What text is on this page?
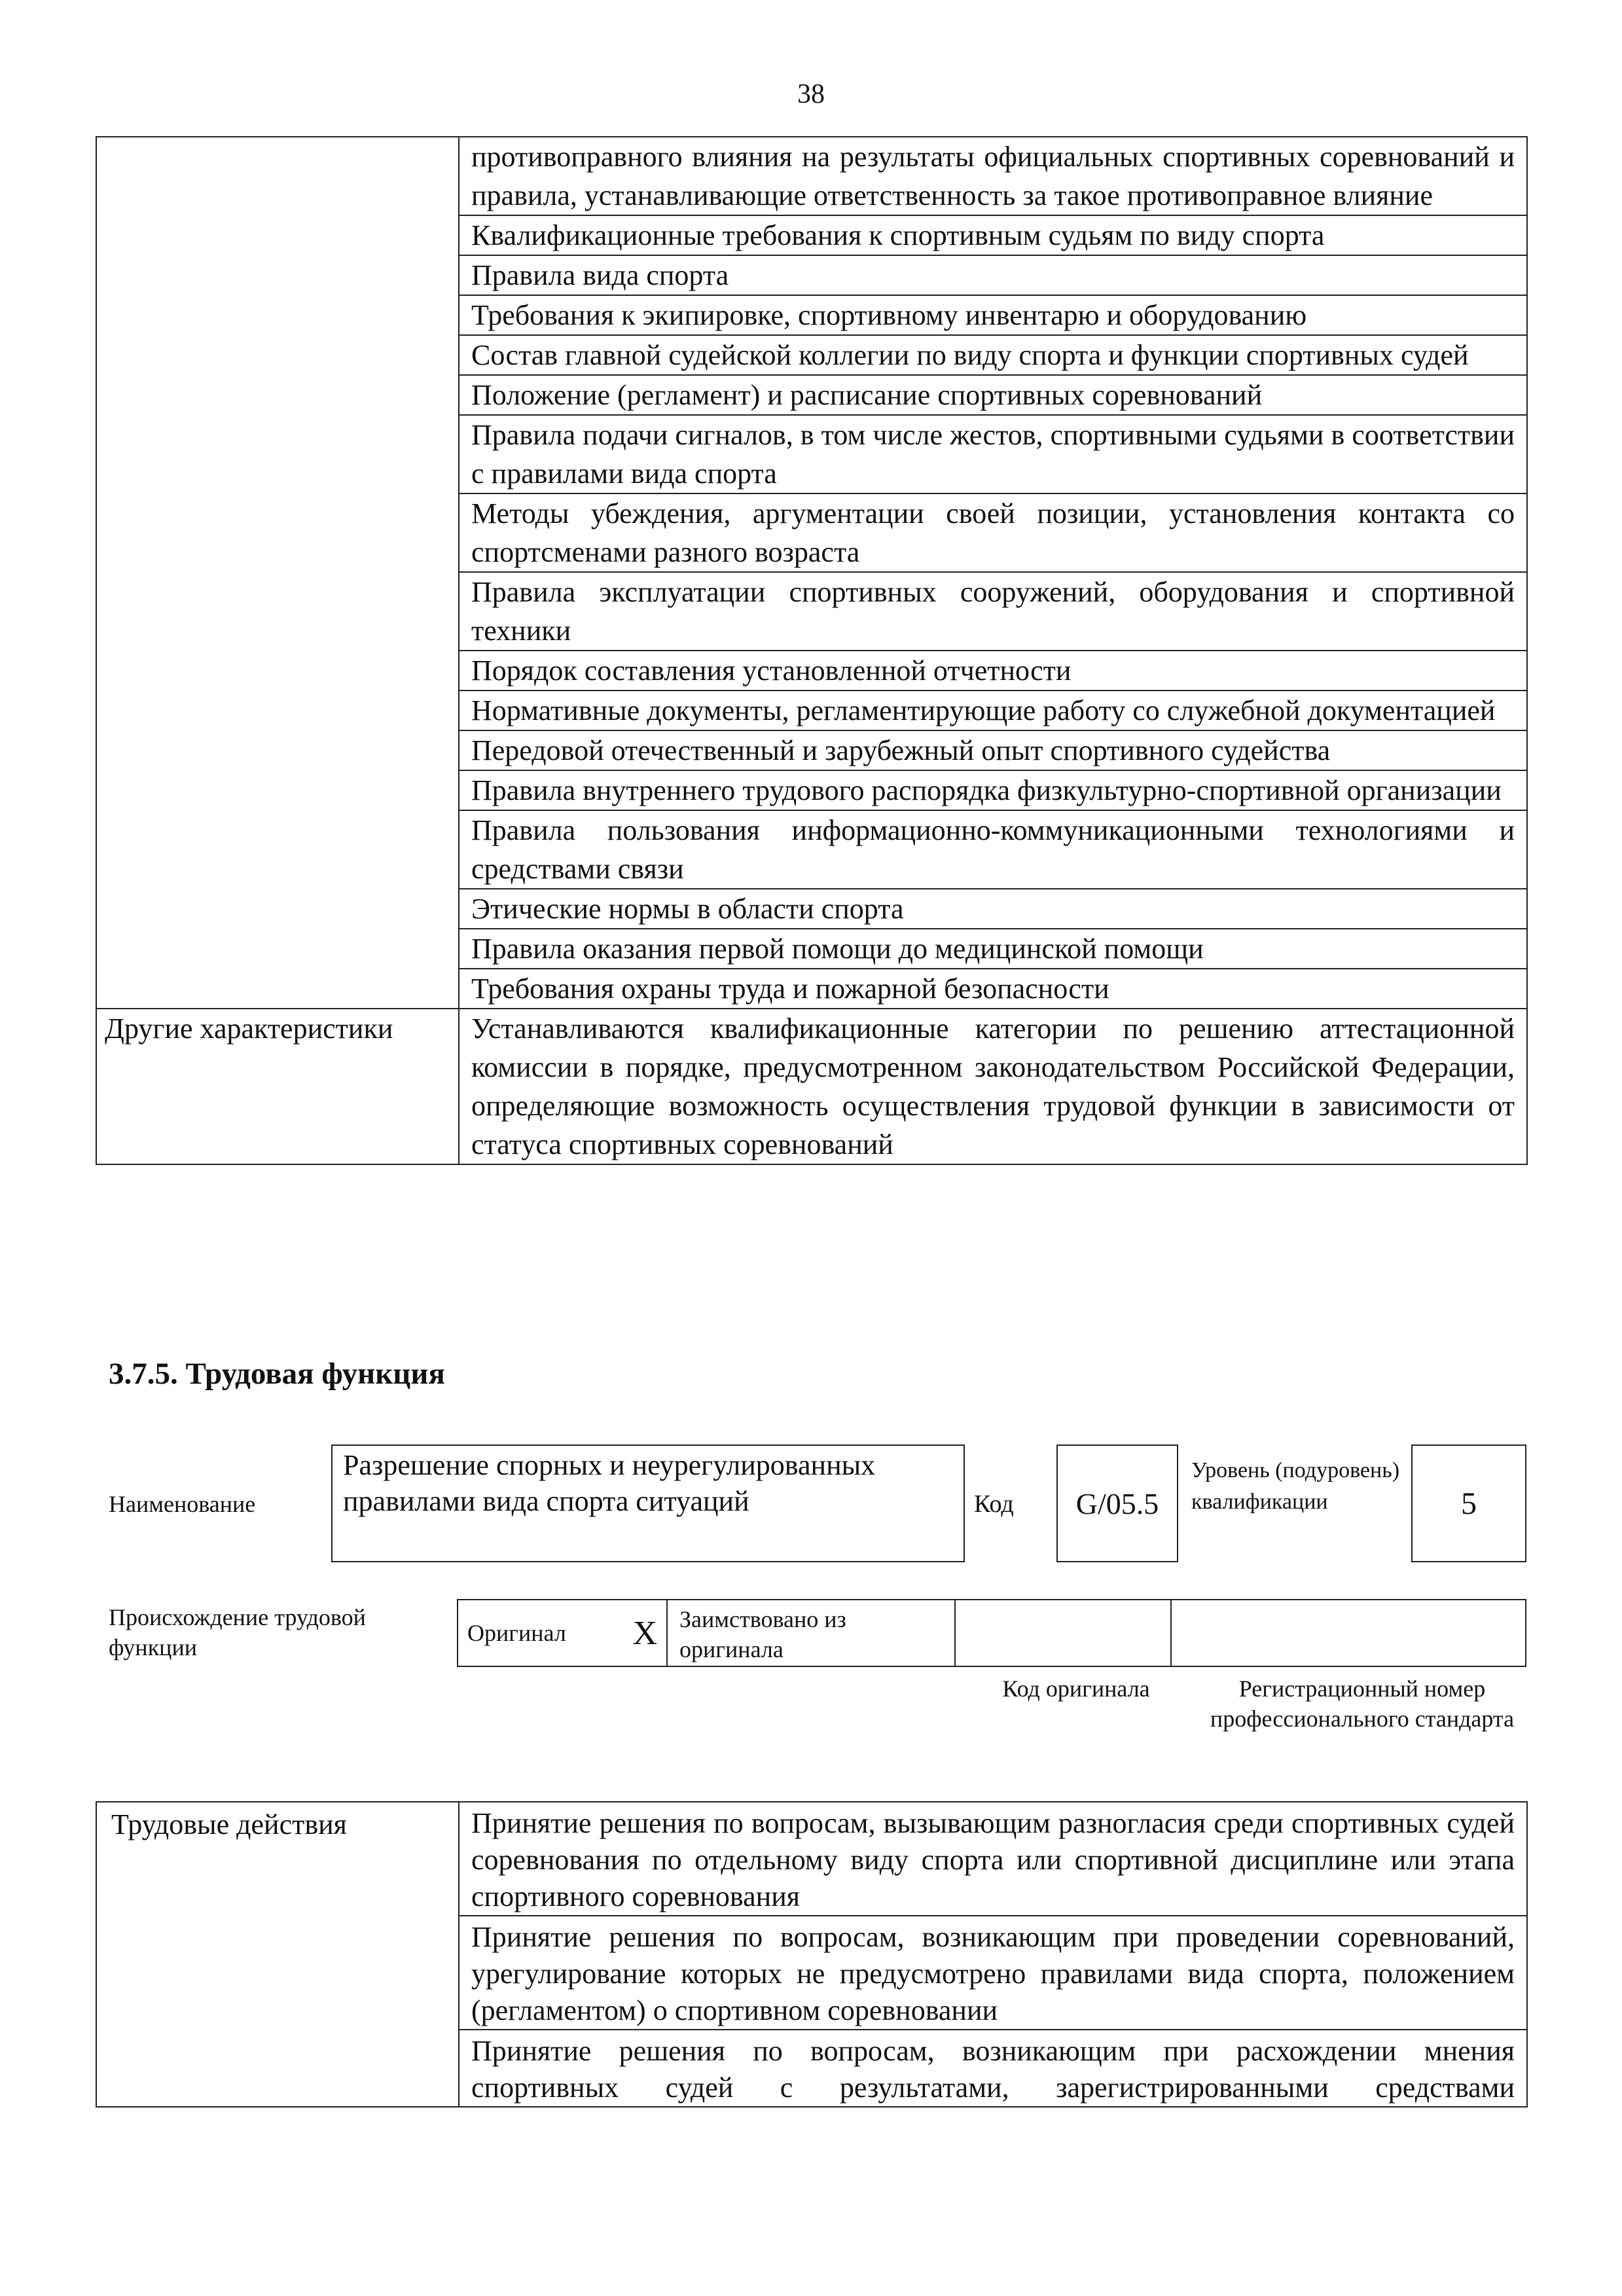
38
	противоправного влияния на результаты официальных спортивных соревнований и правила, устанавливающие ответственность за такое противоправное влияние
	Квалификационные требования к спортивным судьям по виду спорта
	Правила вида спорта
	Требования к экипировке, спортивному инвентарю и оборудованию
	Состав главной судейской коллегии по виду спорта и функции спортивных судей
	Положение (регламент) и расписание спортивных соревнований
	Правила подачи сигналов, в том числе жестов, спортивными судьями в соответствии с правилами вида спорта
	Методы убеждения, аргументации своей позиции, установления контакта со спортсменами разного возраста
	Правила эксплуатации спортивных сооружений, оборудования и спортивной техники
	Порядок составления установленной отчетности
	Нормативные документы, регламентирующие работу со служебной документацией
	Передовой отечественный и зарубежный опыт спортивного судейства
	Правила внутреннего трудового распорядка физкультурно-спортивной организации
	Правила пользования информационно-коммуникационными технологиями и средствами связи
	Этические нормы в области спорта
	Правила оказания первой помощи до медицинской помощи
	Требования охраны труда и пожарной безопасности
Другие характеристики	Устанавливаются квалификационные категории по решению аттестационной комиссии в порядке, предусмотренном законодательством Российской Федерации, определяющие возможность осуществления трудовой функции в зависимости от статуса спортивных соревнований
3.7.5. Трудовая функция
Наименование
Разрешение спорных и неурегулированных правилами вида спорта ситуаций	Код	G/05.5
Уровень (подуровень) квалификации	5
Происхождение трудовой функции
Оригинал X Заимствовано из оригинала
Код оригинала	Регистрационный номер профессионального стандарта
Трудовые действия	Принятие решения по вопросам, вызывающим разногласия среди спортивных судей соревнования по отдельному виду спорта или спортивной дисциплине или этапа спортивного соревнования
Принятие решения по вопросам, возникающим при проведении соревнований, урегулирование которых не предусмотрено правилами вида спорта, положением (регламентом) о спортивном соревновании
Принятие решения по вопросам, возникающим при расхождении мнения спортивных судей с результатами, зарегистрированными средствами
